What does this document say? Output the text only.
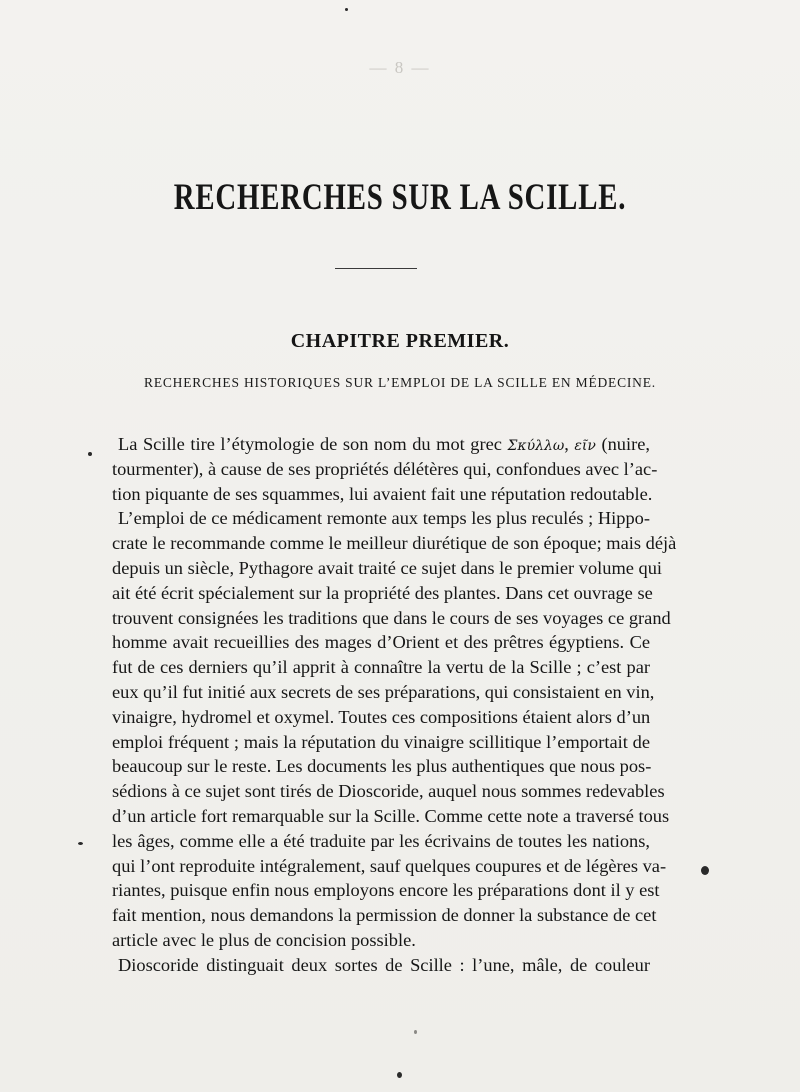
— 8 —
RECHERCHES SUR LA SCILLE.
CHAPITRE PREMIER.
RECHERCHES HISTORIQUES SUR L’EMPLOI DE LA SCILLE EN MÉDECINE.
La Scille tire l’étymologie de son nom du mot grec Σκύλλω, εῖν (nuire,
tourmenter), à cause de ses propriétés délétères qui, confondues avec l’ac-
tion piquante de ses squammes, lui avaient fait une réputation redoutable.
L’emploi de ce médicament remonte aux temps les plus reculés ; Hippo-
crate le recommande comme le meilleur diurétique de son époque; mais déjà
depuis un siècle, Pythagore avait traité ce sujet dans le premier volume qui
ait été écrit spécialement sur la propriété des plantes. Dans cet ouvrage se
trouvent consignées les traditions que dans le cours de ses voyages ce grand
homme avait recueillies des mages d’Orient et des prêtres égyptiens. Ce
fut de ces derniers qu’il apprit à connaître la vertu de la Scille ; c’est par
eux qu’il fut initié aux secrets de ses préparations, qui consistaient en vin,
vinaigre, hydromel et oxymel. Toutes ces compositions étaient alors d’un
emploi fréquent ; mais la réputation du vinaigre scillitique l’emportait de
beaucoup sur le reste. Les documents les plus authentiques que nous pos-
sédions à ce sujet sont tirés de Dioscoride, auquel nous sommes redevables
d’un article fort remarquable sur la Scille. Comme cette note a traversé tous
les âges, comme elle a été traduite par les écrivains de toutes les nations,
qui l’ont reproduite intégralement, sauf quelques coupures et de légères va-
riantes, puisque enfin nous employons encore les préparations dont il y est
fait mention, nous demandons la permission de donner la substance de cet
article avec le plus de concision possible.
Dioscoride distinguait deux sortes de Scille : l’une, mâle, de couleur
